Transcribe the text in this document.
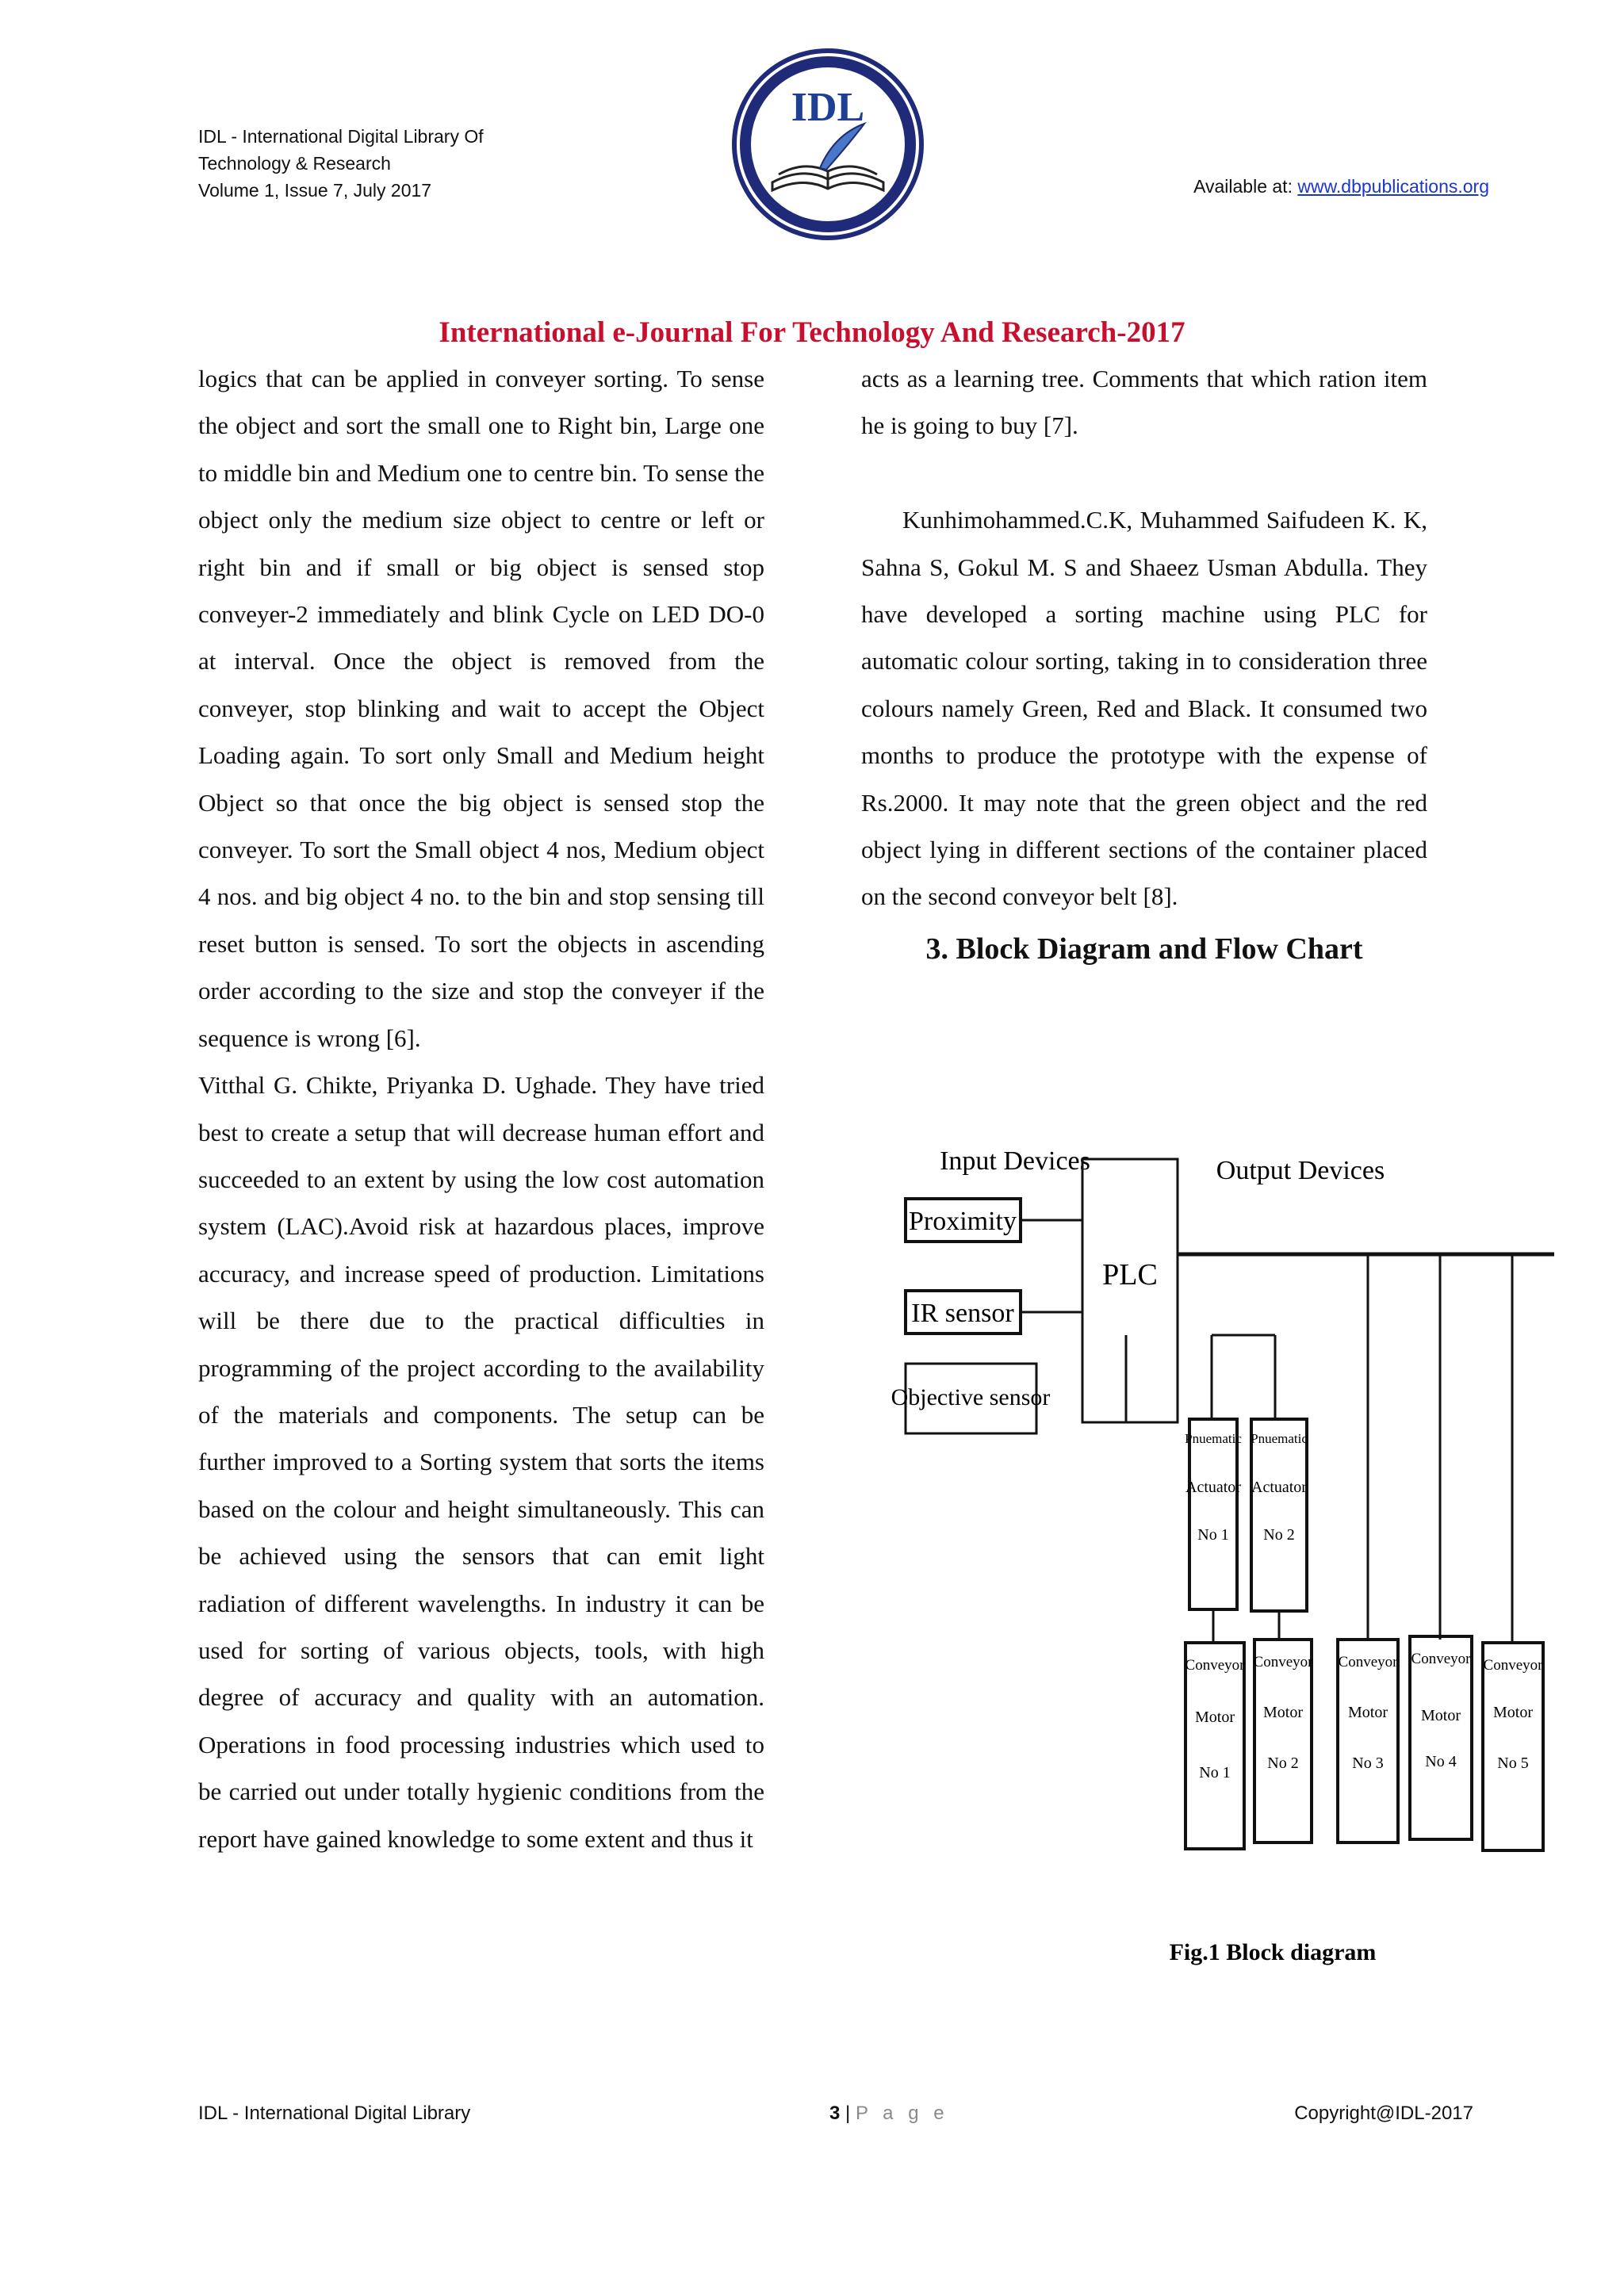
IDL - International Digital Library Of
Technology & Research
Volume 1, Issue 7, July 2017
IDL
Available at: www.dbpublications.org
International e-Journal For Technology And Research-2017

logics that can be applied in conveyer sorting. To sense the object and sort the small one to Right bin, Large one to middle bin and Medium one to centre bin. To sense the object only the medium size object to centre or left or right bin and if small or big object is sensed stop conveyer-2 immediately and blink Cycle on LED DO-0 at interval. Once the object is removed from the conveyer, stop blinking and wait to accept the Object Loading again. To sort only Small and Medium height Object so that once the big object is sensed stop the conveyer. To sort the Small object 4 nos, Medium object 4 nos. and big object 4 no. to the bin and stop sensing till reset button is sensed. To sort the objects in ascending order according to the size and stop the conveyer if the sequence is wrong [6].

Vitthal G. Chikte, Priyanka D. Ughade. They have tried best to create a setup that will decrease human effort and succeeded to an extent by using the low cost automation system (LAC).Avoid risk at hazardous places, improve accuracy, and increase speed of production. Limitations will be there due to the practical difficulties in programming of the project according to the availability of the materials and components. The setup can be further improved to a Sorting system that sorts the items based on the colour and height simultaneously. This can be achieved using the sensors that can emit light radiation of different wavelengths. In industry it can be used for sorting of various objects, tools, with high degree of accuracy and quality with an automation. Operations in food processing industries which used to be carried out under totally hygienic conditions from the report have gained knowledge to some extent and thus it

acts as a learning tree. Comments that which ration item he is going to buy [7].

Kunhimohammed.C.K, Muhammed Saifudeen K. K, Sahna S, Gokul M. S and Shaeez Usman Abdulla. They have developed a sorting machine using PLC for automatic colour sorting, taking in to consideration three colours namely Green, Red and Black. It consumed two months to produce the prototype with the expense of Rs.2000. It may note that the green object and the red object lying in different sections of the container placed on the second conveyor belt [8].

3. Block Diagram and Flow Chart

Input Devices	Output Devices
PLC
Proximity
IR sensor
Objective sensor
Pnuematic
Actuator
No 1
Pnuematic
Actuator
No 2
Conveyor
Motor
No 1
Conveyor
Motor
No 2
Conveyor
Motor
No 3
Conveyor
Motor
No 4
Conveyor
Motor
No 5
Fig.1 Block diagram
IDL - International Digital Library	3 | P a g e	Copyright@IDL-2017
